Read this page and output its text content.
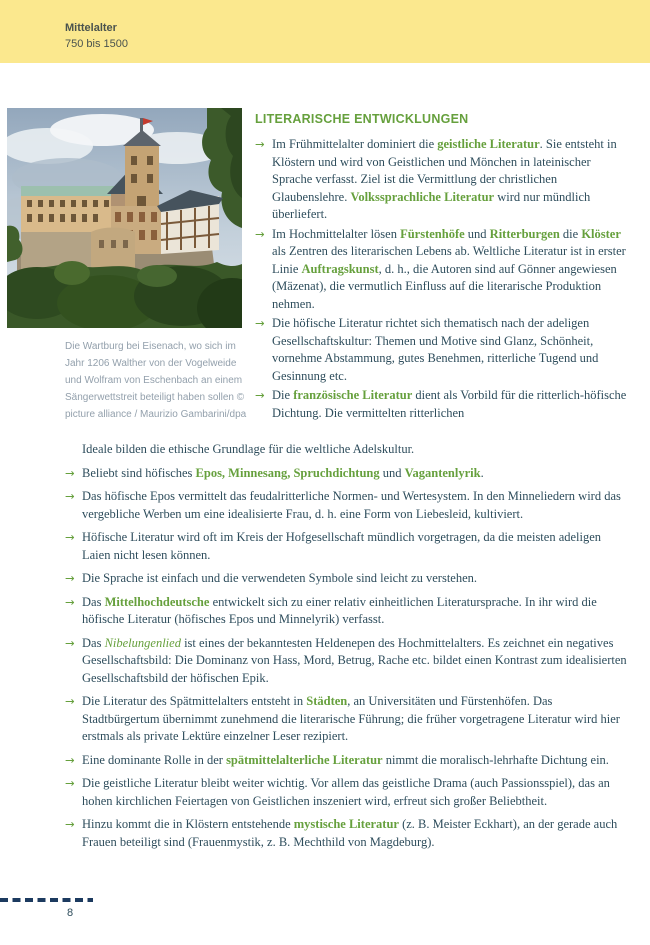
Mittelalter
750 bis 1500
Die Wartburg bei Eisenach, wo sich im Jahr 1206 Walther von der Vogelweide und Wolfram von Eschenbach an einem Sängerwettstreit beteiligt haben sollen © picture alliance / Maurizio Gambarini/dpa
LITERARISCHE ENTWICKLUNGEN
→ Im Frühmittelalter dominiert die geistliche Literatur. Sie entsteht in Klöstern und wird von Geistlichen und Mönchen in lateinischer Sprache verfasst. Ziel ist die Vermittlung der christlichen Glaubenslehre. Volkssprachliche Literatur wird nur mündlich überliefert.
→ Im Hochmittelalter lösen Fürstenhöfe und Ritterburgen die Klöster als Zentren des literarischen Lebens ab. Weltliche Literatur ist in erster Linie Auftragskunst, d. h., die Autoren sind auf Gönner angewiesen (Mäzenat), die vermutlich Einfluss auf die literarische Produktion nehmen.
→ Die höfische Literatur richtet sich thematisch nach der adeligen Gesellschaftskultur: Themen und Motive sind Glanz, Schönheit, vornehme Abstammung, gutes Benehmen, ritterliche Tugend und Gesinnung etc.
→ Die französische Literatur dient als Vorbild für die ritterlich-höfische Dichtung. Die vermittelten ritterlichen
Ideale bilden die ethische Grundlage für die weltliche Adelskultur.
→ Beliebt sind höfisches Epos, Minnesang, Spruchdichtung und Vagantenlyrik.
→ Das höfische Epos vermittelt das feudalritterliche Normen- und Wertesystem. In den Minneliedern wird das vergebliche Werben um eine idealisierte Frau, d. h. eine Form von Liebesleid, kultiviert.
→ Höfische Literatur wird oft im Kreis der Hofgesellschaft mündlich vorgetragen, da die meisten adeligen Laien nicht lesen können.
→ Die Sprache ist einfach und die verwendeten Symbole sind leicht zu verstehen.
→ Das Mittelhochdeutsche entwickelt sich zu einer relativ einheitlichen Literatursprache. In ihr wird die höfische Literatur (höfisches Epos und Minnelyrik) verfasst.
→ Das Nibelungenlied ist eines der bekanntesten Heldenepen des Hochmittelalters. Es zeichnet ein negatives Gesellschaftsbild: Die Dominanz von Hass, Mord, Betrug, Rache etc. bildet einen Kontrast zum idealisierten Gesellschaftsbild der höfischen Epik.
→ Die Literatur des Spätmittelalters entsteht in Städten, an Universitäten und Fürstenhöfen. Das Stadtbürgertum übernimmt zunehmend die literarische Führung; die früher vorgetragene Literatur wird hier erstmals als private Lektüre einzelner Leser rezipiert.
→ Eine dominante Rolle in der spätmittelalterliche Literatur nimmt die moralisch-lehrhafte Dichtung ein.
→ Die geistliche Literatur bleibt weiter wichtig. Vor allem das geistliche Drama (auch Passionsspiel), das an hohen kirchlichen Feiertagen von Geistlichen inszeniert wird, erfreut sich großer Beliebtheit.
→ Hinzu kommt die in Klöstern entstehende mystische Literatur (z. B. Meister Eckhart), an der gerade auch Frauen beteiligt sind (Frauenmystik, z. B. Mechthild von Magdeburg).
8
